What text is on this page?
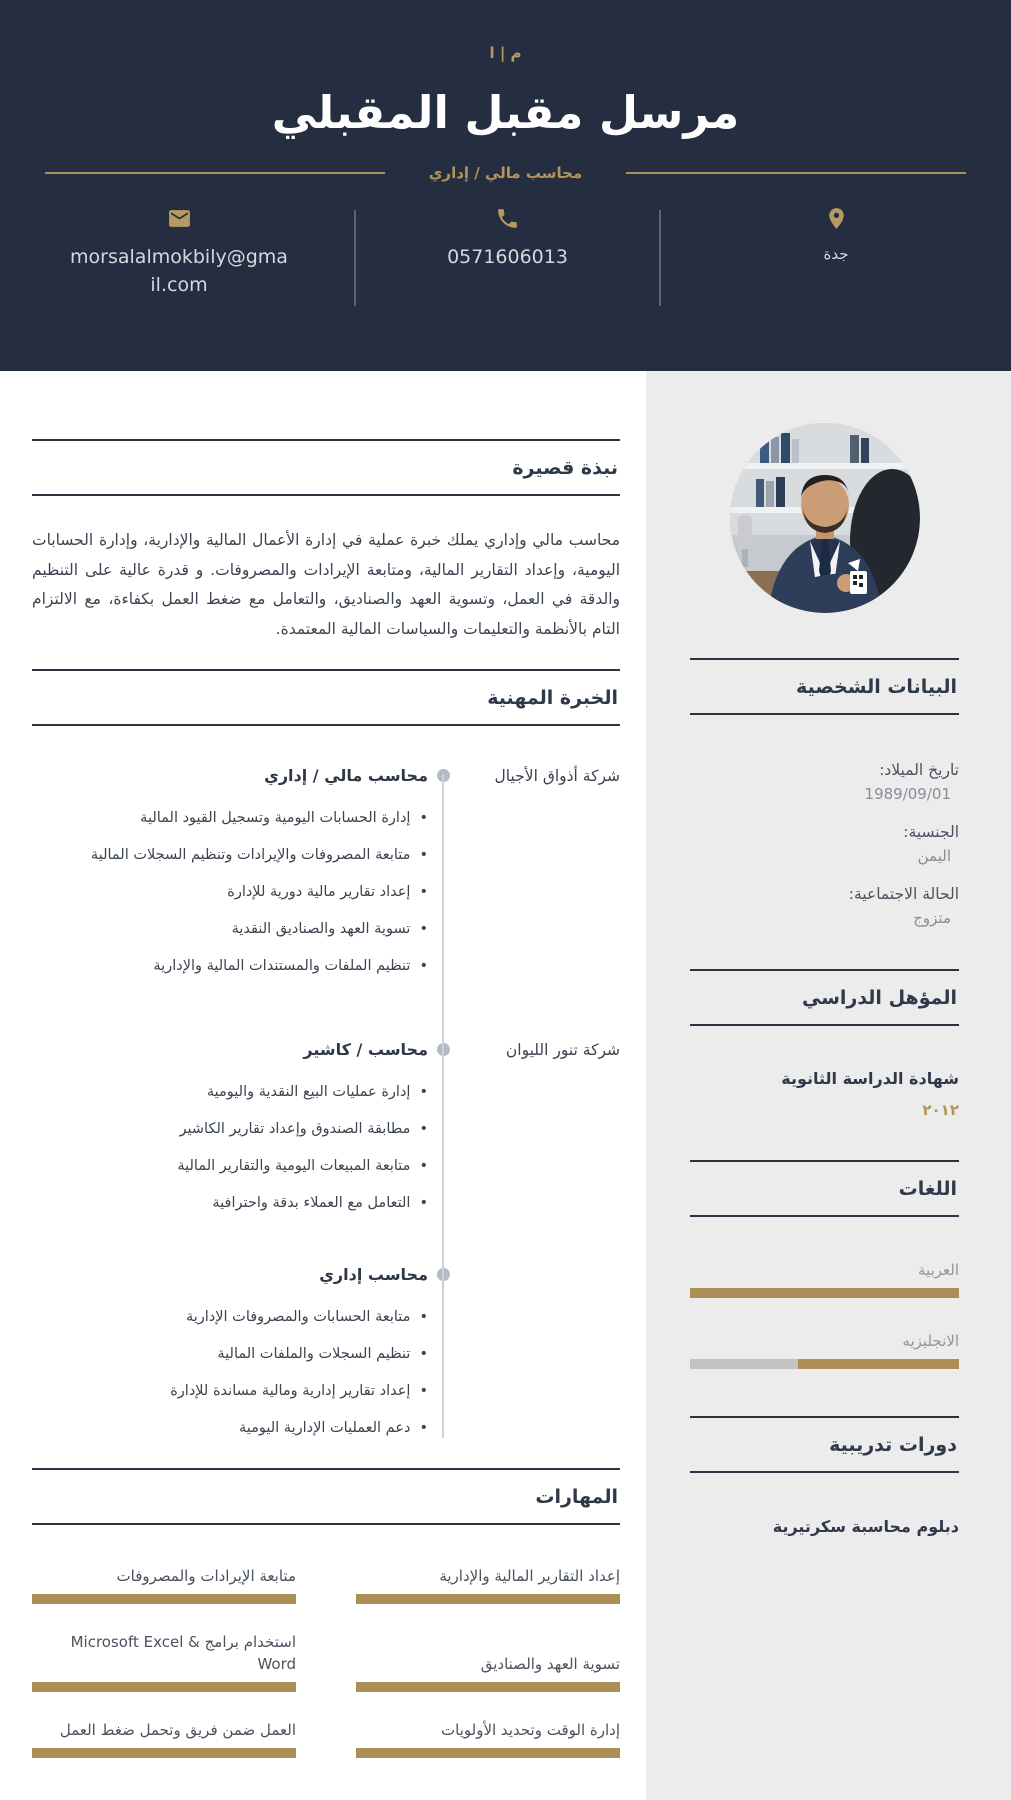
م | ا
مرسل مقبل المقبلي
محاسب مالي / إداري
جدة
0571606013
morsalalmokbily@gmail.com
البيانات الشخصية
تاريخ الميلاد:
1989/09/01
الجنسية:
اليمن
الحالة الاجتماعية:
متزوج
المؤهل الدراسي
شهادة الدراسة الثانوية
٢٠١٢
اللغات
العربية
الانجليزيه
دورات تدريبية
دبلوم محاسبة سكرتيرية
نبذة قصيرة

محاسب مالي وإداري يملك خبرة عملية في إدارة الأعمال المالية والإدارية، وإدارة الحسابات اليومية، وإعداد التقارير المالية، ومتابعة الإيرادات والمصروفات. و قدرة عالية على التنظيم والدقة في العمل، وتسوية العهد والصناديق، والتعامل مع ضغط العمل بكفاءة، مع الالتزام التام بالأنظمة والتعليمات والسياسات المالية المعتمدة.

الخبرة المهنية
شركة أذواق الأجيال
محاسب مالي / إداري
•
إدارة الحسابات اليومية وتسجيل القيود المالية
•
متابعة المصروفات والإيرادات وتنظيم السجلات المالية
•
إعداد تقارير مالية دورية للإدارة
•
تسوية العهد والصناديق النقدية
•
تنظيم الملفات والمستندات المالية والإدارية
شركة تنور الليوان
محاسب / كاشير
•
إدارة عمليات البيع النقدية واليومية
•
مطابقة الصندوق وإعداد تقارير الكاشير
•
متابعة المبيعات اليومية والتقارير المالية
•
التعامل مع العملاء بدقة واحترافية
محاسب إداري
•
متابعة الحسابات والمصروفات الإدارية
•
تنظيم السجلات والملفات المالية
•
إعداد تقارير إدارية ومالية مساندة للإدارة
•
دعم العمليات الإدارية اليومية
المهارات
إعداد التقارير المالية والإدارية
متابعة الإيرادات والمصروفات
تسوية العهد والصناديق
استخدام برامج Microsoft Excel & Word
إدارة الوقت وتحديد الأولويات
العمل ضمن فريق وتحمل ضغط العمل
